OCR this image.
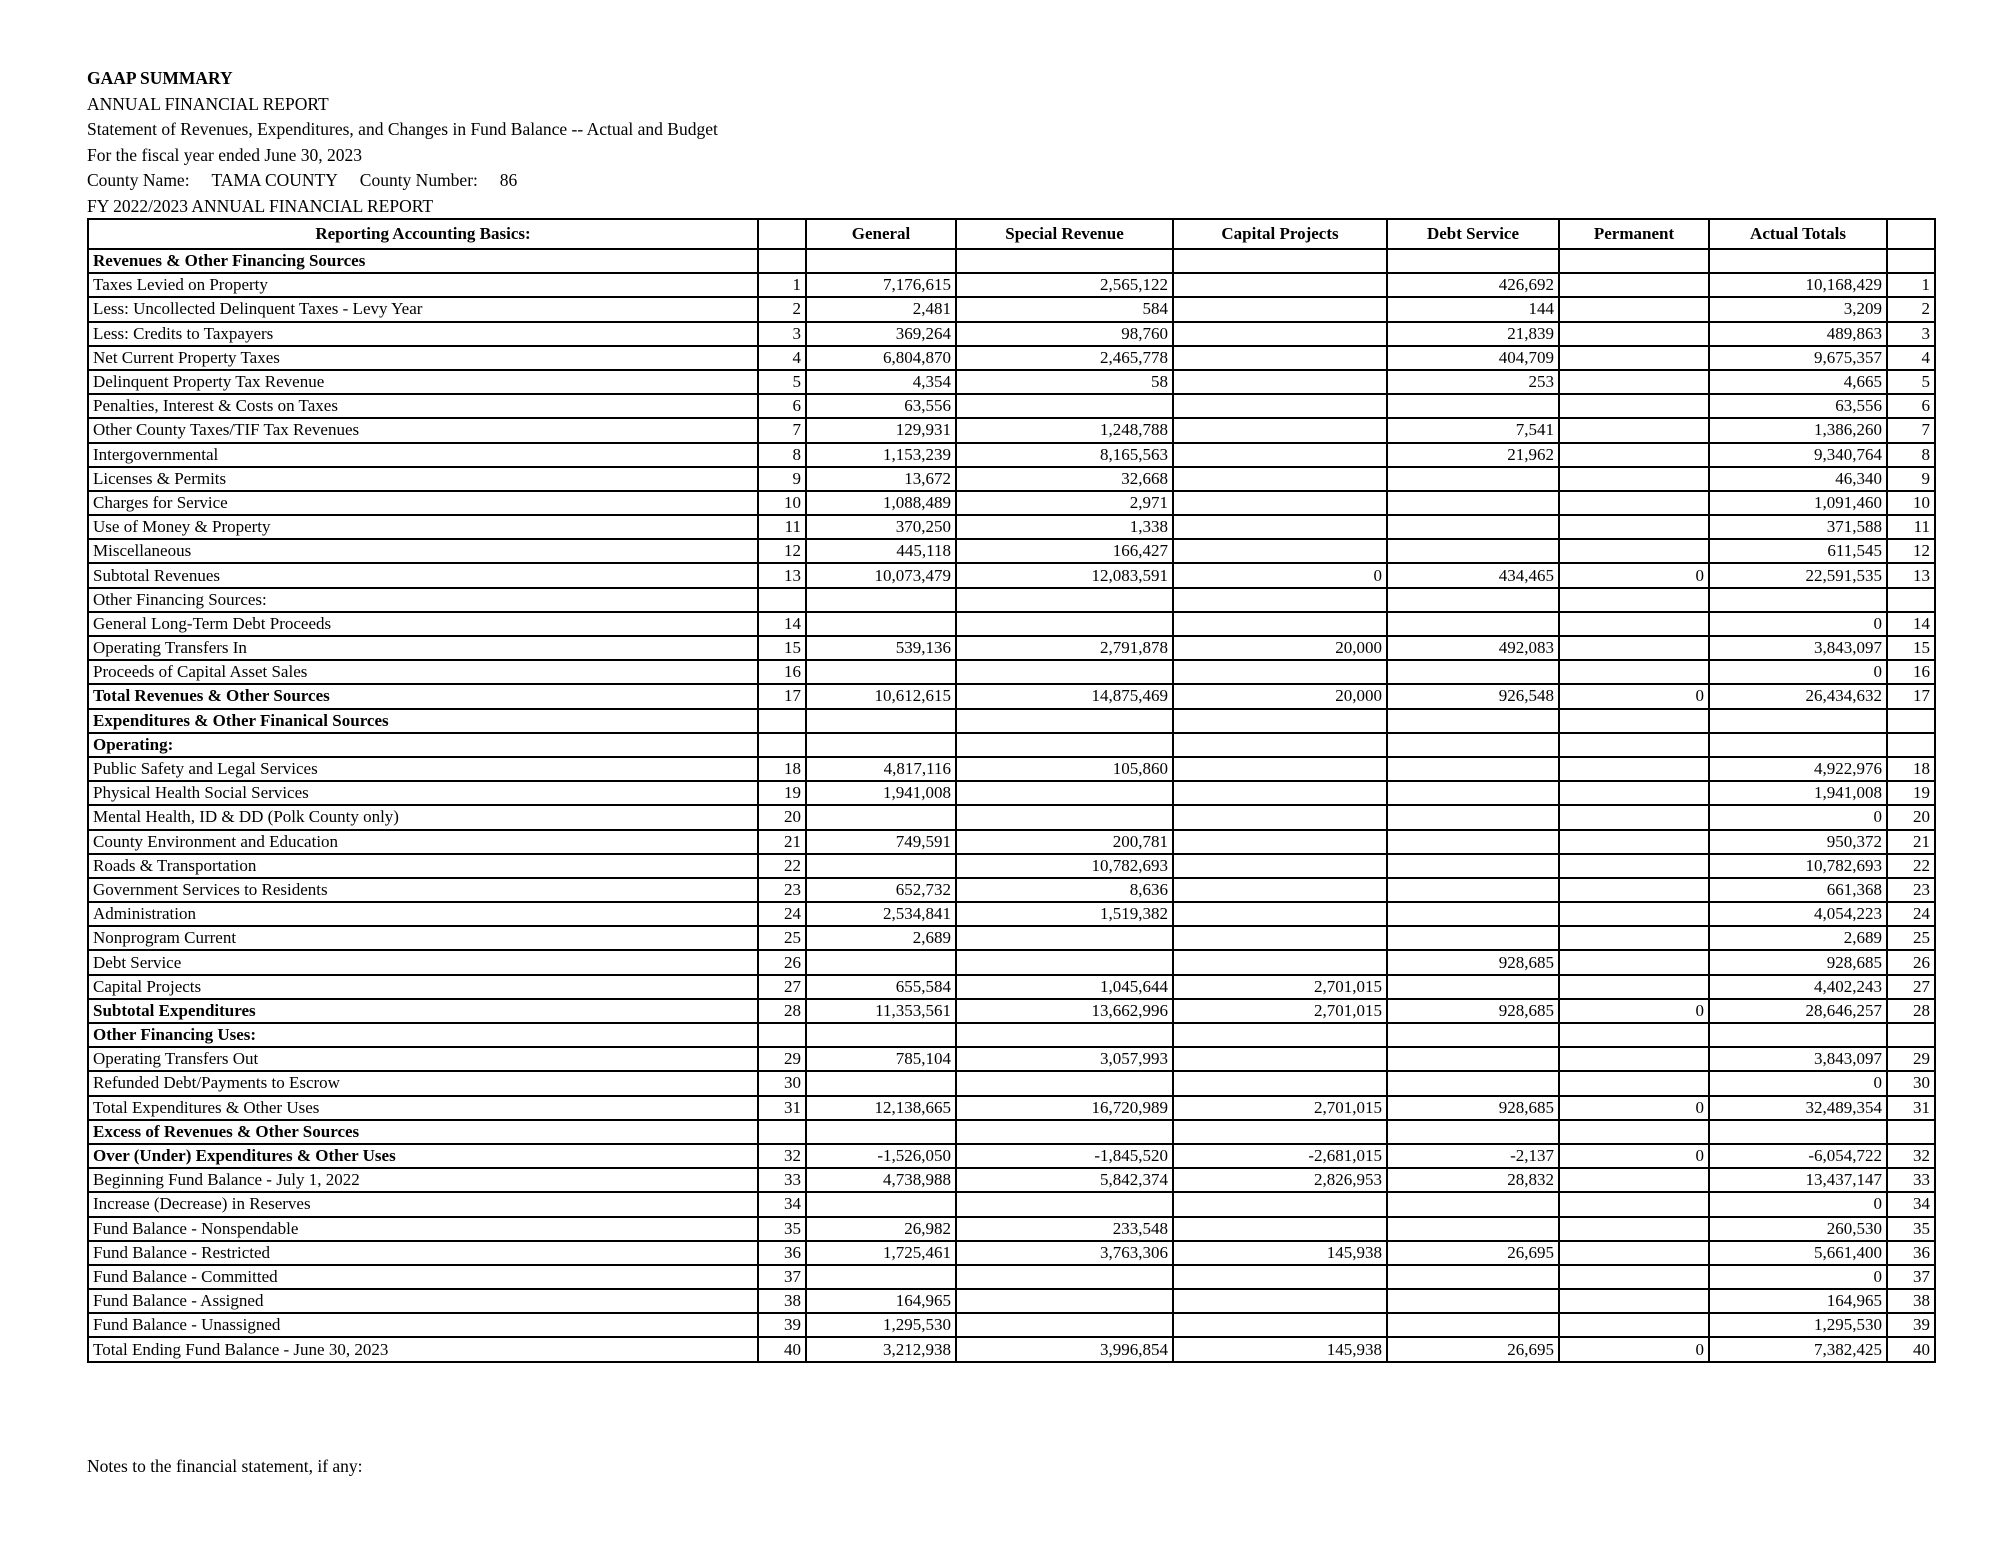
GAAP SUMMARY
ANNUAL FINANCIAL REPORT
Statement of Revenues, Expenditures, and Changes in Fund Balance -- Actual and Budget
For the fiscal year ended June 30, 2023
County Name: TAMA COUNTY County Number: 86
FY 2022/2023 ANNUAL FINANCIAL REPORT
Reporting Accounting Basics:		General	Special Revenue	Capital Projects	Debt Service	Permanent	Actual Totals	
Revenues & Other Financing Sources								
Taxes Levied on Property	1	7,176,615	2,565,122		426,692		10,168,429	1
Less: Uncollected Delinquent Taxes - Levy Year	2	2,481	584		144		3,209	2
Less: Credits to Taxpayers	3	369,264	98,760		21,839		489,863	3
Net Current Property Taxes	4	6,804,870	2,465,778		404,709		9,675,357	4
Delinquent Property Tax Revenue	5	4,354	58		253		4,665	5
Penalties, Interest & Costs on Taxes	6	63,556					63,556	6
Other County Taxes/TIF Tax Revenues	7	129,931	1,248,788		7,541		1,386,260	7
Intergovernmental	8	1,153,239	8,165,563		21,962		9,340,764	8
Licenses & Permits	9	13,672	32,668				46,340	9
Charges for Service	10	1,088,489	2,971				1,091,460	10
Use of Money & Property	11	370,250	1,338				371,588	11
Miscellaneous	12	445,118	166,427				611,545	12
Subtotal Revenues	13	10,073,479	12,083,591	0	434,465	0	22,591,535	13
Other Financing Sources:								
General Long-Term Debt Proceeds	14						0	14
Operating Transfers In	15	539,136	2,791,878	20,000	492,083		3,843,097	15
Proceeds of Capital Asset Sales	16						0	16
Total Revenues & Other Sources	17	10,612,615	14,875,469	20,000	926,548	0	26,434,632	17
Expenditures & Other Finanical Sources								
Operating:								
Public Safety and Legal Services	18	4,817,116	105,860				4,922,976	18
Physical Health Social Services	19	1,941,008					1,941,008	19
Mental Health, ID & DD (Polk County only)	20						0	20
County Environment and Education	21	749,591	200,781				950,372	21
Roads & Transportation	22		10,782,693				10,782,693	22
Government Services to Residents	23	652,732	8,636				661,368	23
Administration	24	2,534,841	1,519,382				4,054,223	24
Nonprogram Current	25	2,689					2,689	25
Debt Service	26				928,685		928,685	26
Capital Projects	27	655,584	1,045,644	2,701,015			4,402,243	27
Subtotal Expenditures	28	11,353,561	13,662,996	2,701,015	928,685	0	28,646,257	28
Other Financing Uses:								
Operating Transfers Out	29	785,104	3,057,993				3,843,097	29
Refunded Debt/Payments to Escrow	30						0	30
Total Expenditures & Other Uses	31	12,138,665	16,720,989	2,701,015	928,685	0	32,489,354	31
Excess of Revenues & Other Sources								
Over (Under) Expenditures & Other Uses	32	-1,526,050	-1,845,520	-2,681,015	-2,137	0	-6,054,722	32
Beginning Fund Balance - July 1, 2022	33	4,738,988	5,842,374	2,826,953	28,832		13,437,147	33
Increase (Decrease) in Reserves	34						0	34
Fund Balance - Nonspendable	35	26,982	233,548				260,530	35
Fund Balance - Restricted	36	1,725,461	3,763,306	145,938	26,695		5,661,400	36
Fund Balance - Committed	37						0	37
Fund Balance - Assigned	38	164,965					164,965	38
Fund Balance - Unassigned	39	1,295,530					1,295,530	39
Total Ending Fund Balance - June 30, 2023	40	3,212,938	3,996,854	145,938	26,695	0	7,382,425	40
Notes to the financial statement, if any:
